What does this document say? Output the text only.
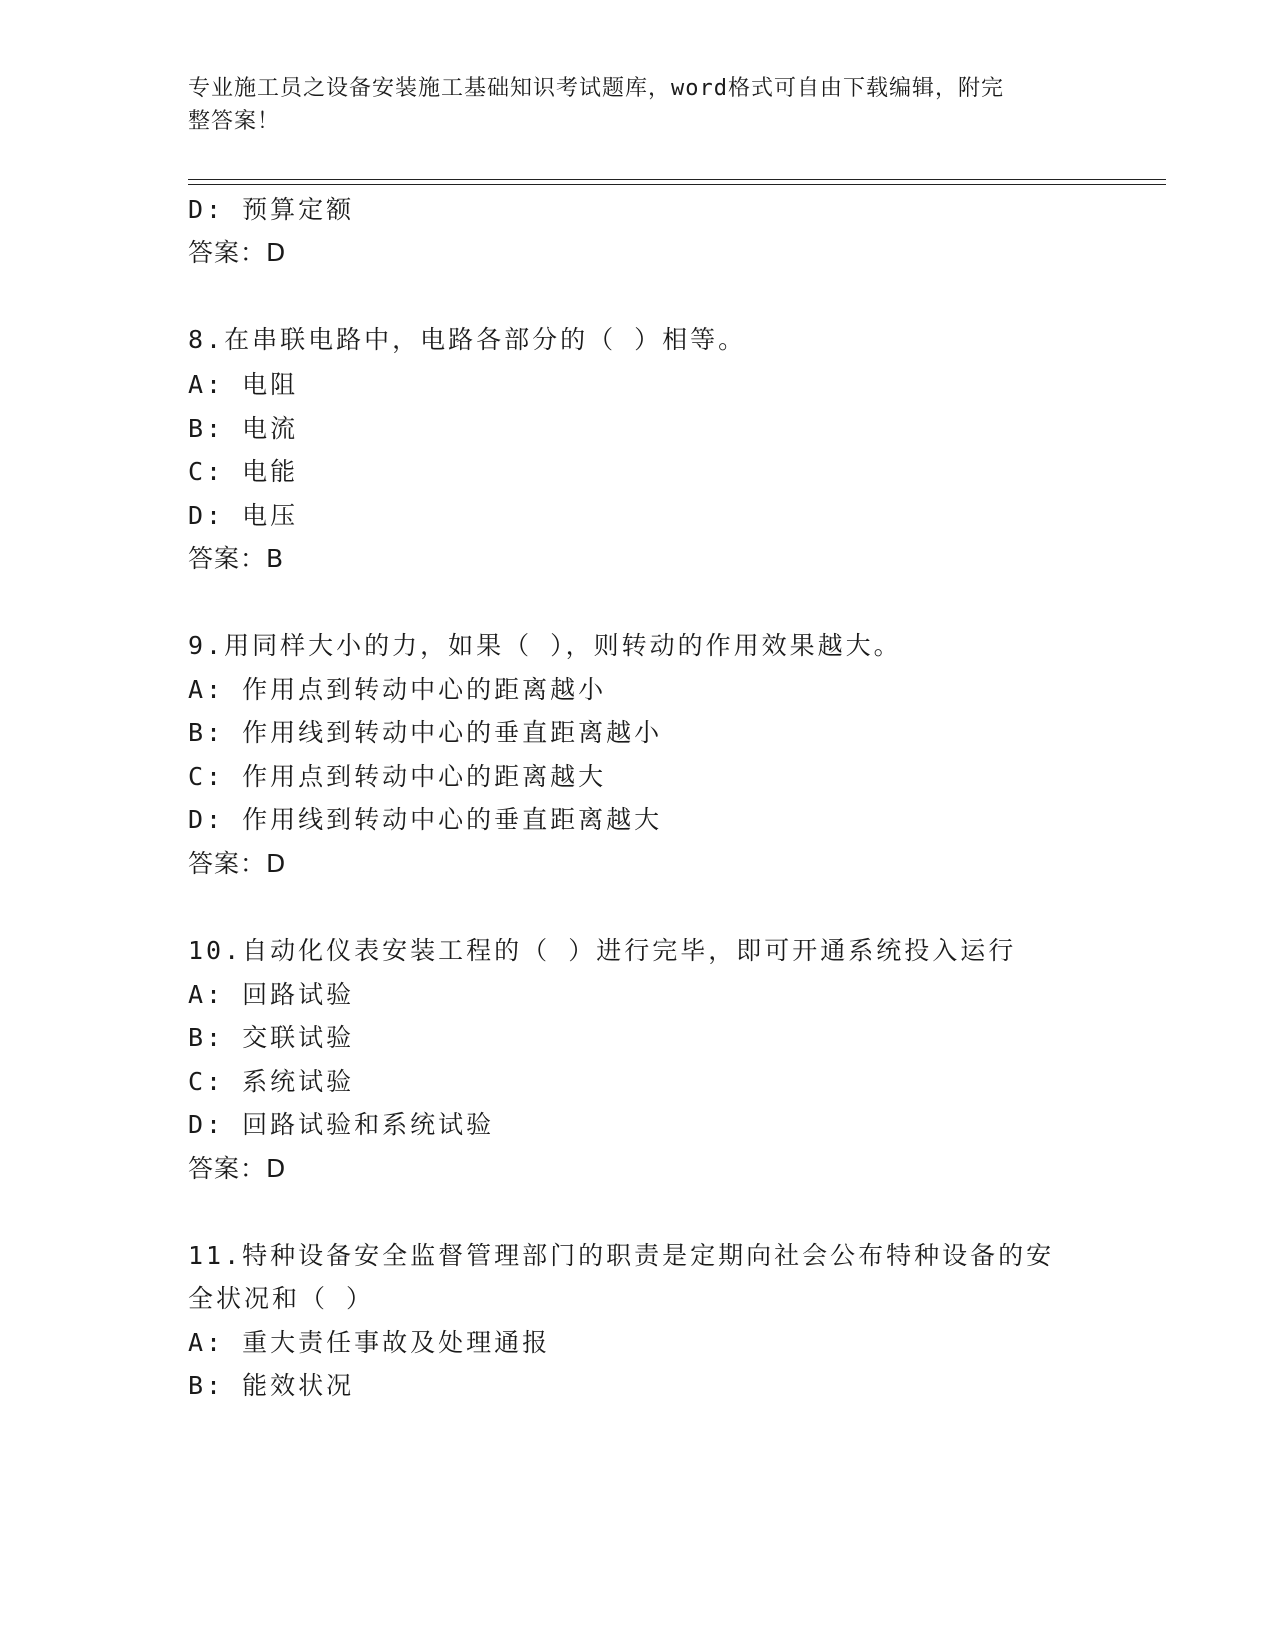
专业施工员之设备安装施工基础知识考试题库，word格式可自由下载编辑，附完
整答案！
D: 预算定额
答案：D
8.在串联电路中，电路各部分的（ ）相等。
A: 电阻
B: 电流
C: 电能
D: 电压
答案：B
9.用同样大小的力，如果（ ），则转动的作用效果越大。
A: 作用点到转动中心的距离越小
B: 作用线到转动中心的垂直距离越小
C: 作用点到转动中心的距离越大
D: 作用线到转动中心的垂直距离越大
答案：D
10.自动化仪表安装工程的（ ）进行完毕，即可开通系统投入运行
A: 回路试验
B: 交联试验
C: 系统试验
D: 回路试验和系统试验
答案：D
11.特种设备安全监督管理部门的职责是定期向社会公布特种设备的安
全状况和（ ）
A: 重大责任事故及处理通报
B: 能效状况
